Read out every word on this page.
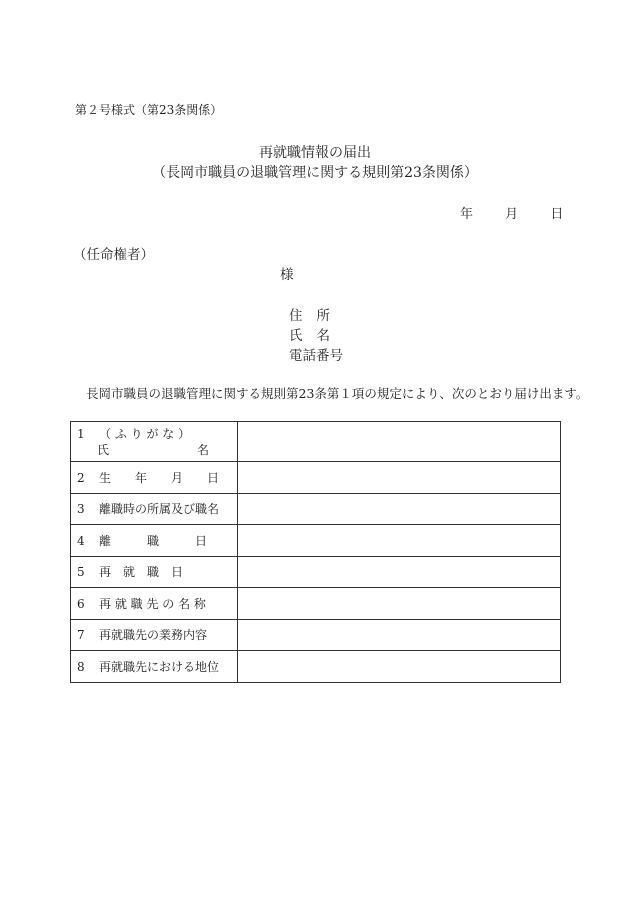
第２号様式（第23条関係）
再就職情報の届出
（長岡市職員の退職管理に関する規則第23条関係）
年 月 日
（任命権者）
様
住所
氏名
電話番号
長岡市職員の退職管理に関する規則第23条第１項の規定により、次のとおり届け出ます。
1 （ ふ り が な ）
氏 名	

2 生　　年　　月　　日	
3 離職時の所属及び職名	
4 離　　　職　　　日	
5 再　就　職　日	
6 再 就 職 先 の 名 称	
7 再就職先の業務内容	
8 再就職先における地位	
